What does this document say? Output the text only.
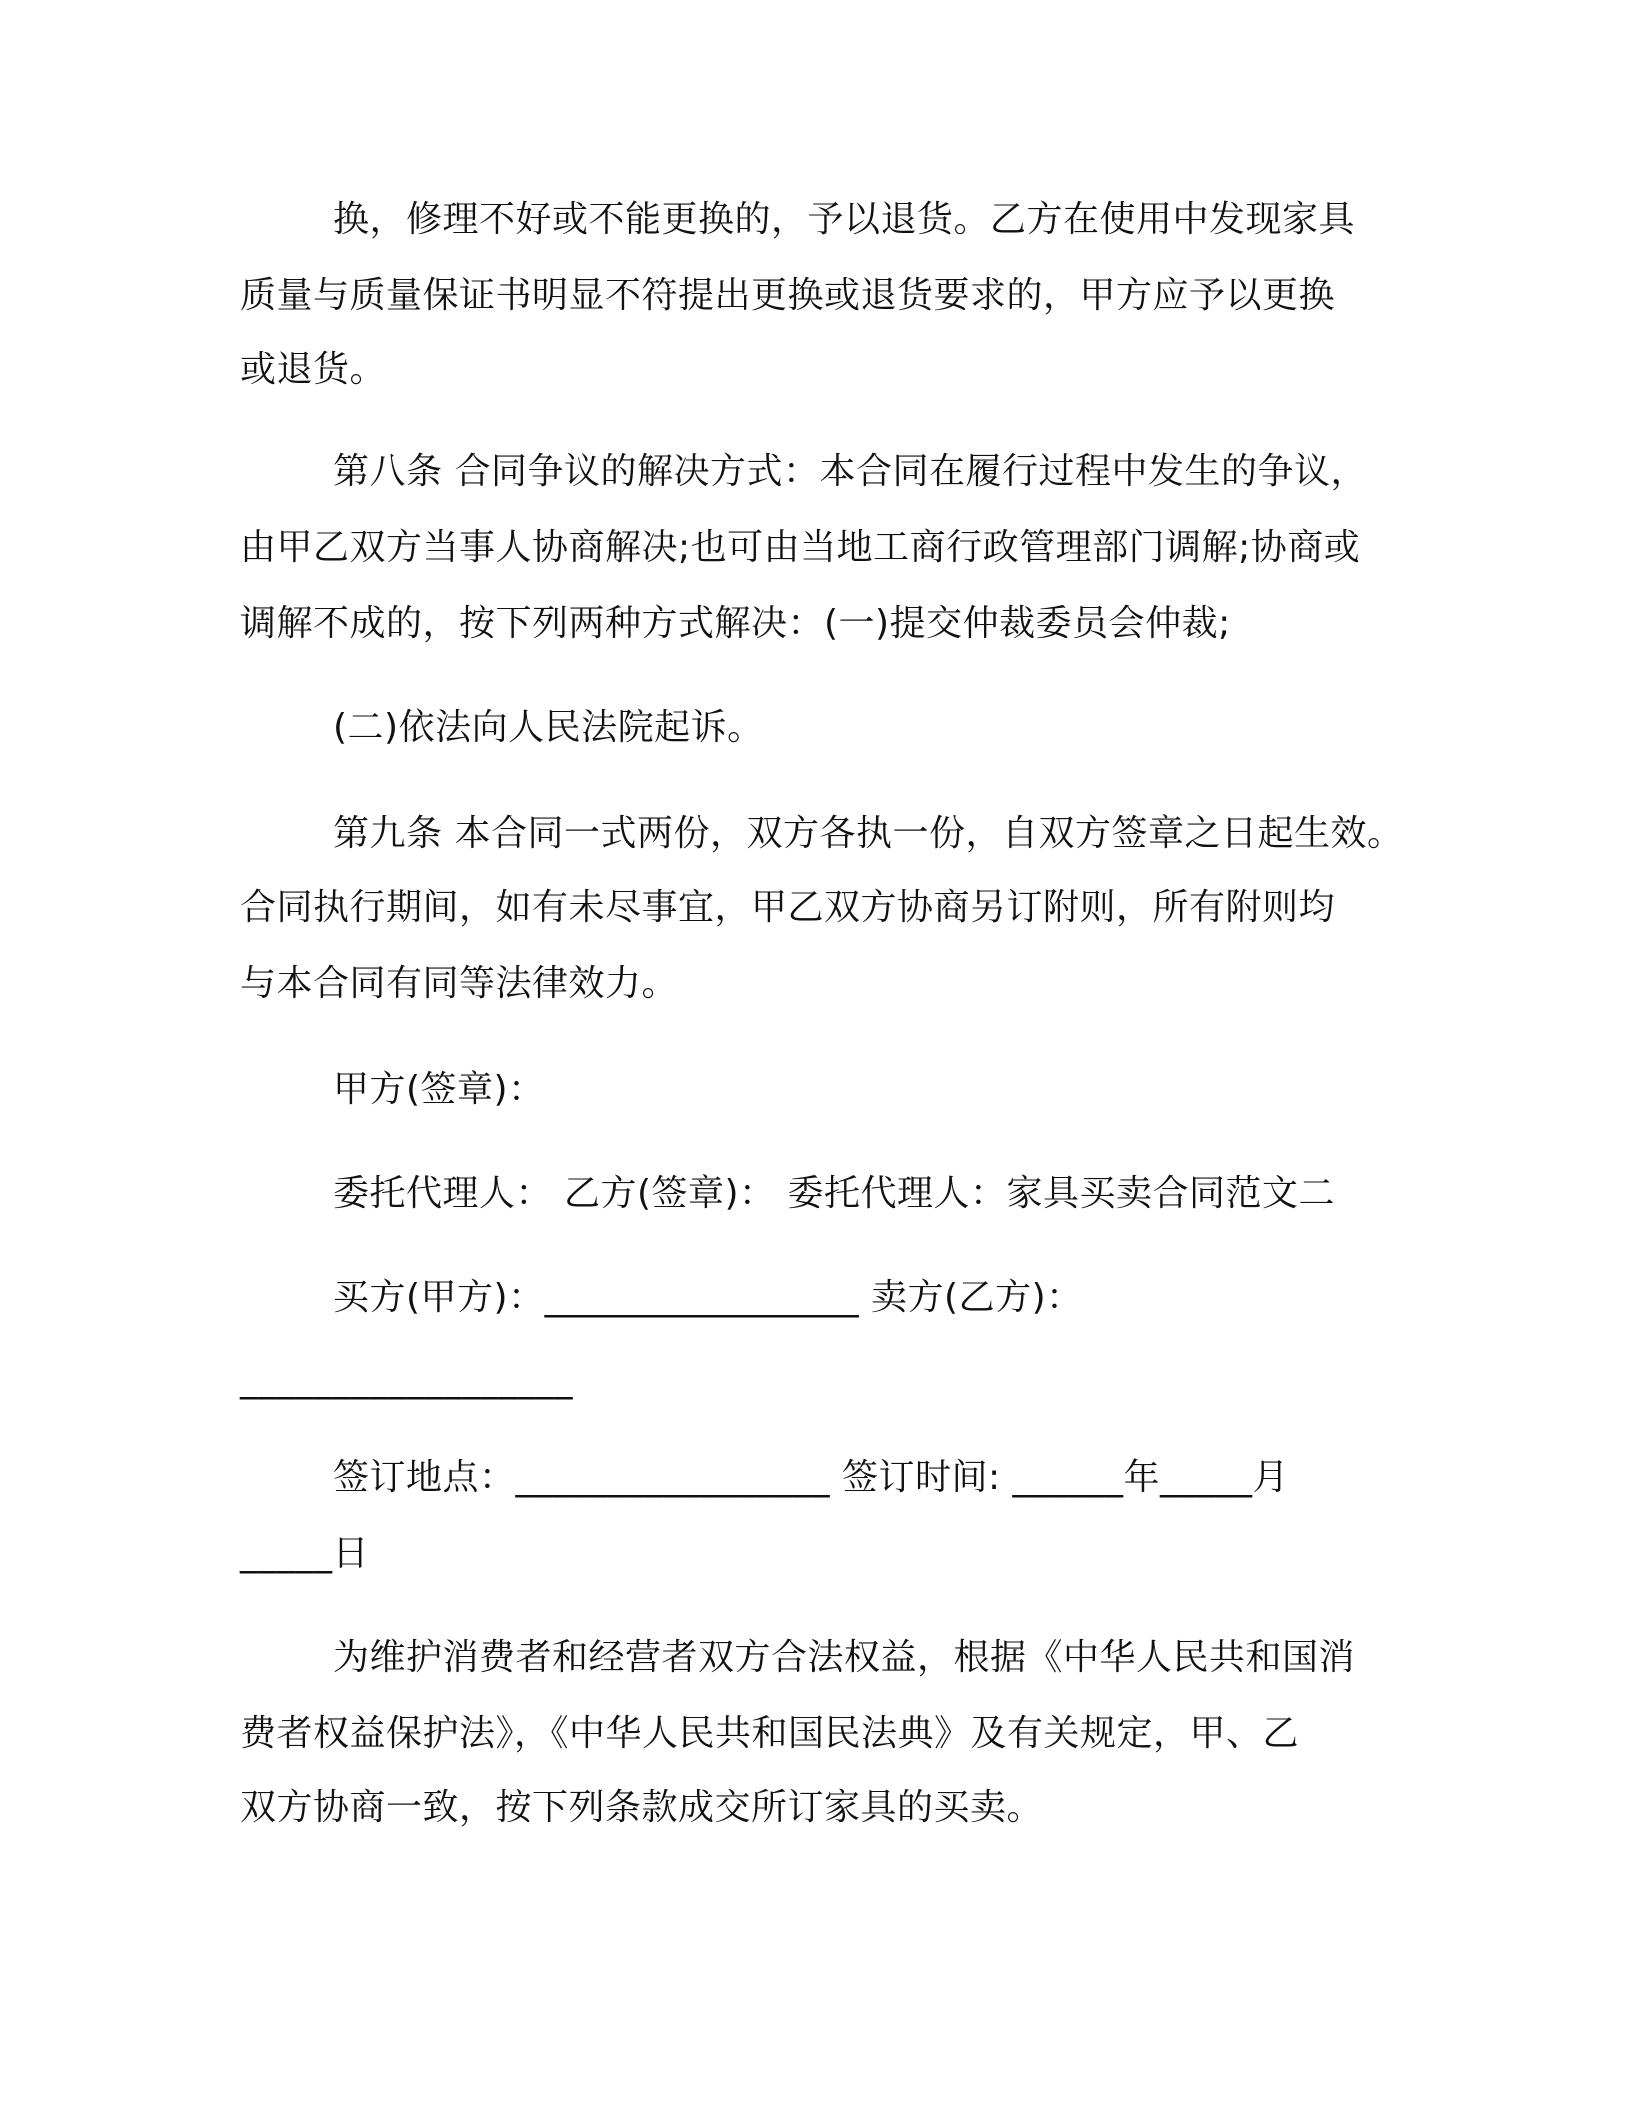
换，修理不好或不能更换的，予以退货。乙方在使用中发现家具
质量与质量保证书明显不符提出更换或退货要求的，甲方应予以更换
或退货。
第八条 合同争议的解决方式：本合同在履行过程中发生的争议，
由甲乙双方当事人协商解决;也可由当地工商行政管理部门调解;协商或
调解不成的，按下列两种方式解决：(一)提交仲裁委员会仲裁;
(二)依法向人民法院起诉。
第九条 本合同一式两份，双方各执一份，自双方签章之日起生效。
合同执行期间，如有未尽事宜，甲乙双方协商另订附则，所有附则均
与本合同有同等法律效力。
甲方(签章)：
委托代理人： 乙方(签章)： 委托代理人：家具买卖合同范文二
买方(甲方)：_________________ 卖方(乙方)：
__________________
签订地点：_________________ 签订时间: ______年_____月
_____日
为维护消费者和经营者双方合法权益，根据《中华人民共和国消
费者权益保护法》，《中华人民共和国民法典》及有关规定，甲、乙
双方协商一致，按下列条款成交所订家具的买卖。
